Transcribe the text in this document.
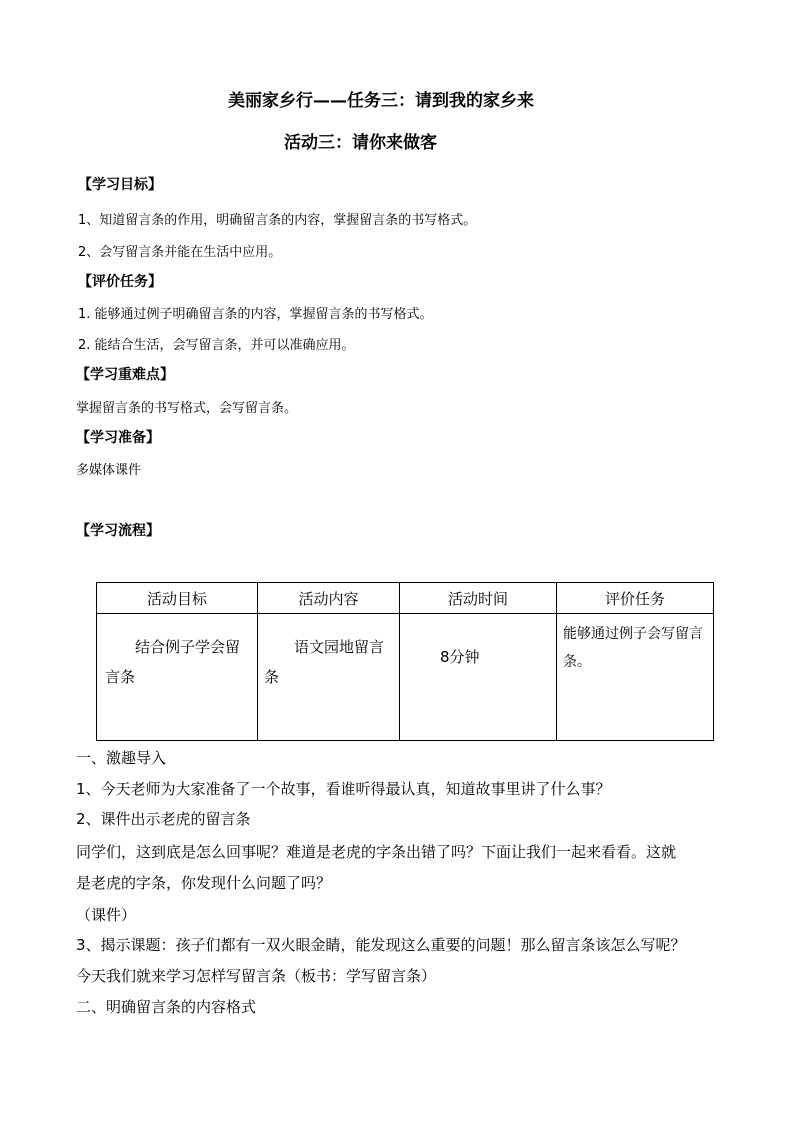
美丽家乡行——任务三：请到我的家乡来
活动三：请你来做客
【学习目标】
1、知道留言条的作用，明确留言条的内容，掌握留言条的书写格式。
2、会写留言条并能在生活中应用。
【评价任务】
1. 能够通过例子明确留言条的内容，掌握留言条的书写格式。
2. 能结合生活，会写留言条，并可以准确应用。
【学习重难点】
掌握留言条的书写格式，会写留言条。
【学习准备】
多媒体课件
【学习流程】
活动目标	活动内容	活动时间	评价任务
结合例子学会留言条	语文园地留言条	8分钟	能够通过例子会写留言条。
一、激趣导入
1、今天老师为大家准备了一个故事，看谁听得最认真，知道故事里讲了什么事？
2、课件出示老虎的留言条
同学们，这到底是怎么回事呢？难道是老虎的字条出错了吗？下面让我们一起来看看。这就
是老虎的字条，你发现什么问题了吗？
（课件）
3、揭示课题：孩子们都有一双火眼金睛，能发现这么重要的问题！那么留言条该怎么写呢？
今天我们就来学习怎样写留言条（板书：学写留言条）
二、明确留言条的内容格式
